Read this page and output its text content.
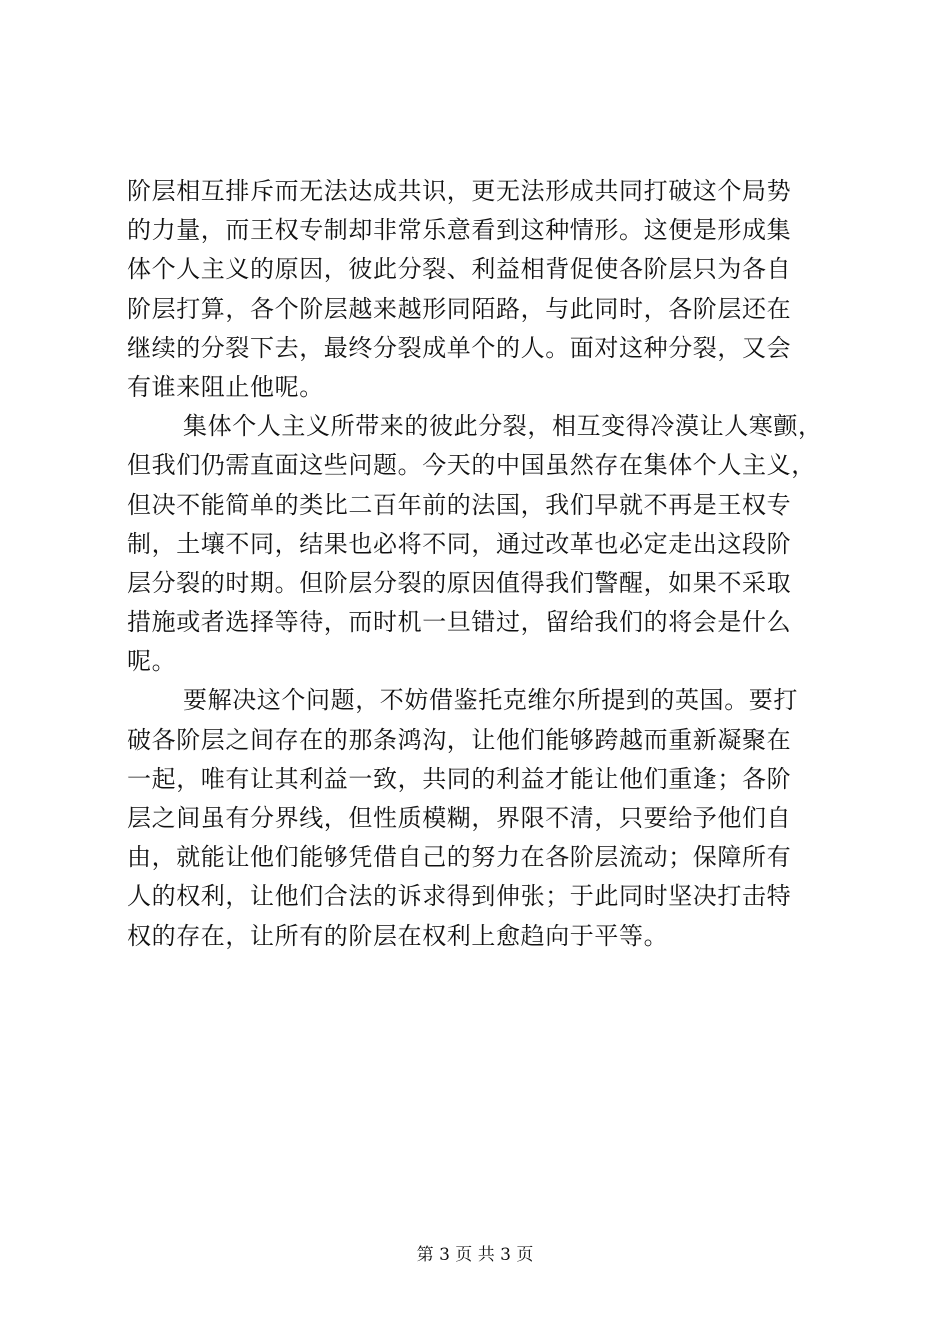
阶层相互排斥而无法达成共识，更无法形成共同打破这个局势
的力量，而王权专制却非常乐意看到这种情形。这便是形成集
体个人主义的原因，彼此分裂、利益相背促使各阶层只为各自
阶层打算，各个阶层越来越形同陌路，与此同时，各阶层还在
继续的分裂下去，最终分裂成单个的人。面对这种分裂，又会
有谁来阻止他呢。
集体个人主义所带来的彼此分裂，相互变得冷漠让人寒颤，
但我们仍需直面这些问题。今天的中国虽然存在集体个人主义，
但决不能简单的类比二百年前的法国，我们早就不再是王权专
制，土壤不同，结果也必将不同，通过改革也必定走出这段阶
层分裂的时期。但阶层分裂的原因值得我们警醒，如果不采取
措施或者选择等待，而时机一旦错过，留给我们的将会是什么
呢。
要解决这个问题，不妨借鉴托克维尔所提到的英国。要打
破各阶层之间存在的那条鸿沟，让他们能够跨越而重新凝聚在
一起，唯有让其利益一致，共同的利益才能让他们重逢；各阶
层之间虽有分界线，但性质模糊，界限不清，只要给予他们自
由，就能让他们能够凭借自己的努力在各阶层流动；保障所有
人的权利，让他们合法的诉求得到伸张；于此同时坚决打击特
权的存在，让所有的阶层在权利上愈趋向于平等。
第 3 页 共 3 页
